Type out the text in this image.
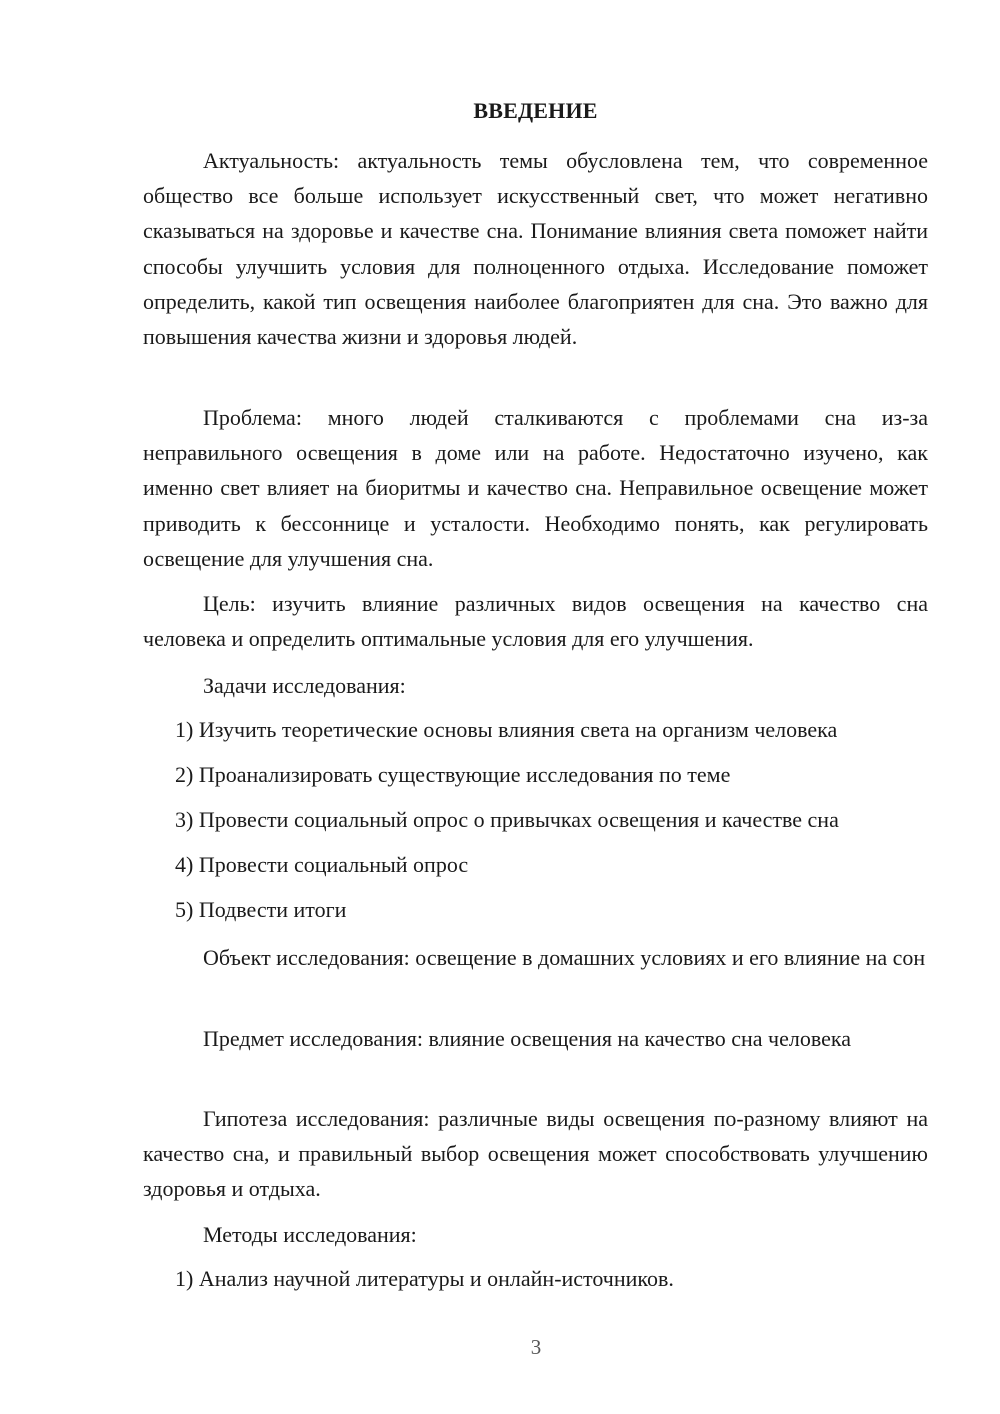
ВВЕДЕНИЕ

Актуальность: актуальность темы обусловлена тем, что современное общество все больше использует искусственный свет, что может негативно сказываться на здоровье и качестве сна. Понимание влияния света поможет найти способы улучшить условия для полноценного отдыха. Исследование поможет определить, какой тип освещения наиболее благоприятен для сна. Это важно для повышения качества жизни и здоровья людей.

Проблема: много людей сталкиваются с проблемами сна из-за неправильного освещения в доме или на работе. Недостаточно изучено, как именно свет влияет на биоритмы и качество сна. Неправильное освещение может приводить к бессоннице и усталости. Необходимо понять, как регулировать освещение для улучшения сна.

Цель: изучить влияние различных видов освещения на качество сна человека и определить оптимальные условия для его улучшения.

Задачи исследования:

1) Изучить теоретические основы влияния света на организм человека

2) Проанализировать существующие исследования по теме

3) Провести социальный опрос о привычках освещения и качестве сна

4) Провести социальный опрос

5) Подвести итоги

Объект исследования: освещение в домашних условиях и его влияние на сон

Предмет исследования: влияние освещения на качество сна человека

Гипотеза исследования: различные виды освещения по-разному влияют на качество сна, и правильный выбор освещения может способствовать улучшению здоровья и отдыха.

Методы исследования:

1) Анализ научной литературы и онлайн-источников.

3
